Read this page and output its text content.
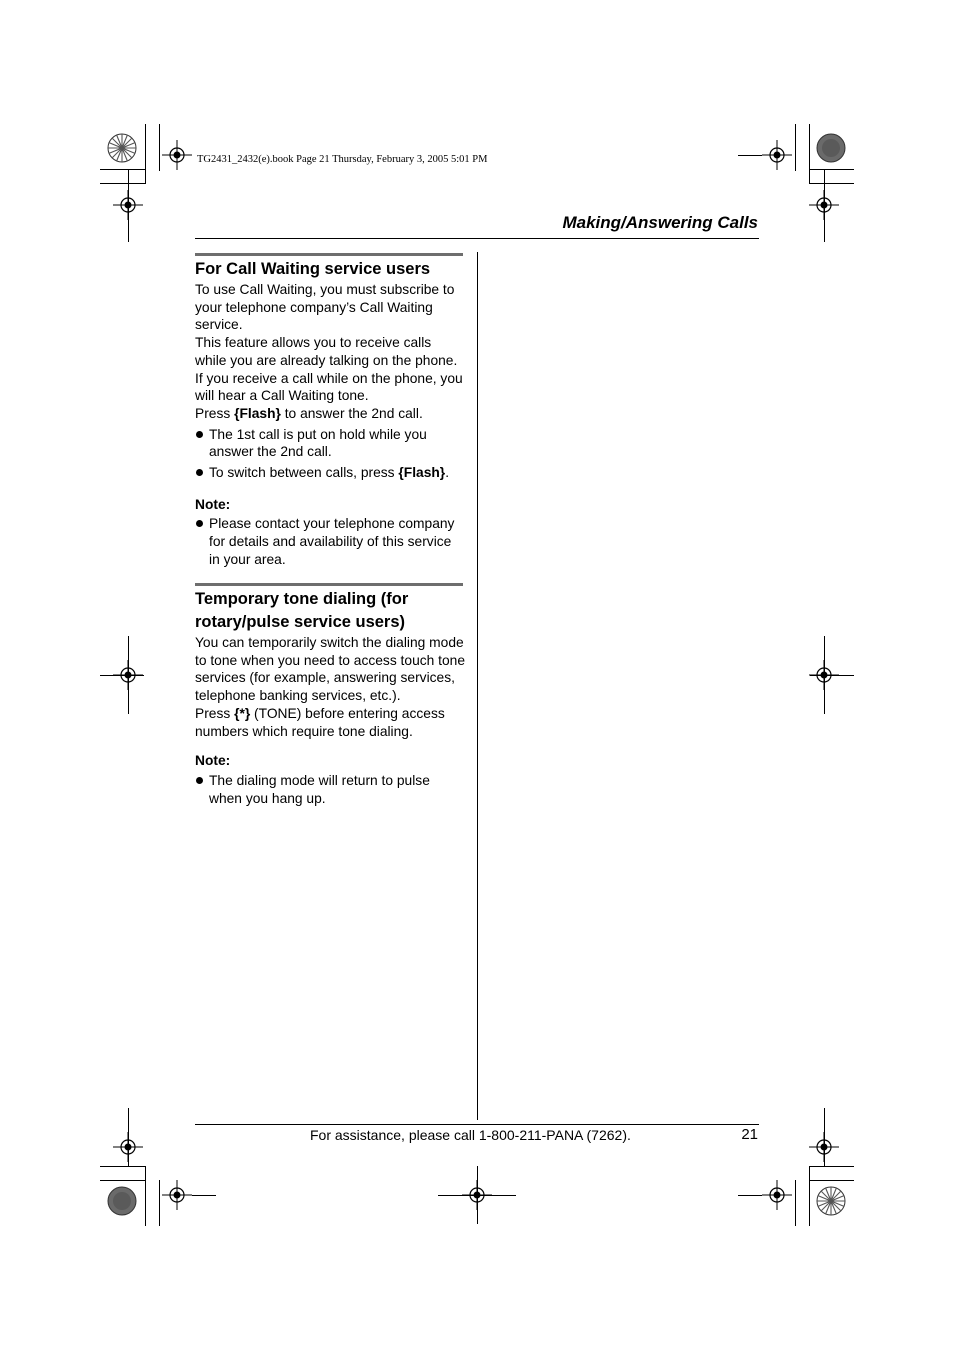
TG2431_2432(e).book Page 21 Thursday, February 3, 2005 5:01 PM
Making/Answering Calls
For Call Waiting service users

To use Call Waiting, you must subscribe to your telephone company’s Call Waiting service.

This feature allows you to receive calls while you are already talking on the phone. If you receive a call while on the phone, you will hear a Call Waiting tone.

Press {Flash} to answer the 2nd call.

The 1st call is put on hold while you answer the 2nd call.
To switch between calls, press {Flash}.

Note:

Please contact your telephone company for details and availability of this service in your area.
Temporary tone dialing (for rotary/pulse service users)

You can temporarily switch the dialing mode to tone when you need to access touch tone services (for example, answering services, telephone banking services, etc.).

Press {*} (TONE) before entering access numbers which require tone dialing.

Note:

The dialing mode will return to pulse when you hang up.
For assistance, please call 1-800-211-PANA (7262).	21
